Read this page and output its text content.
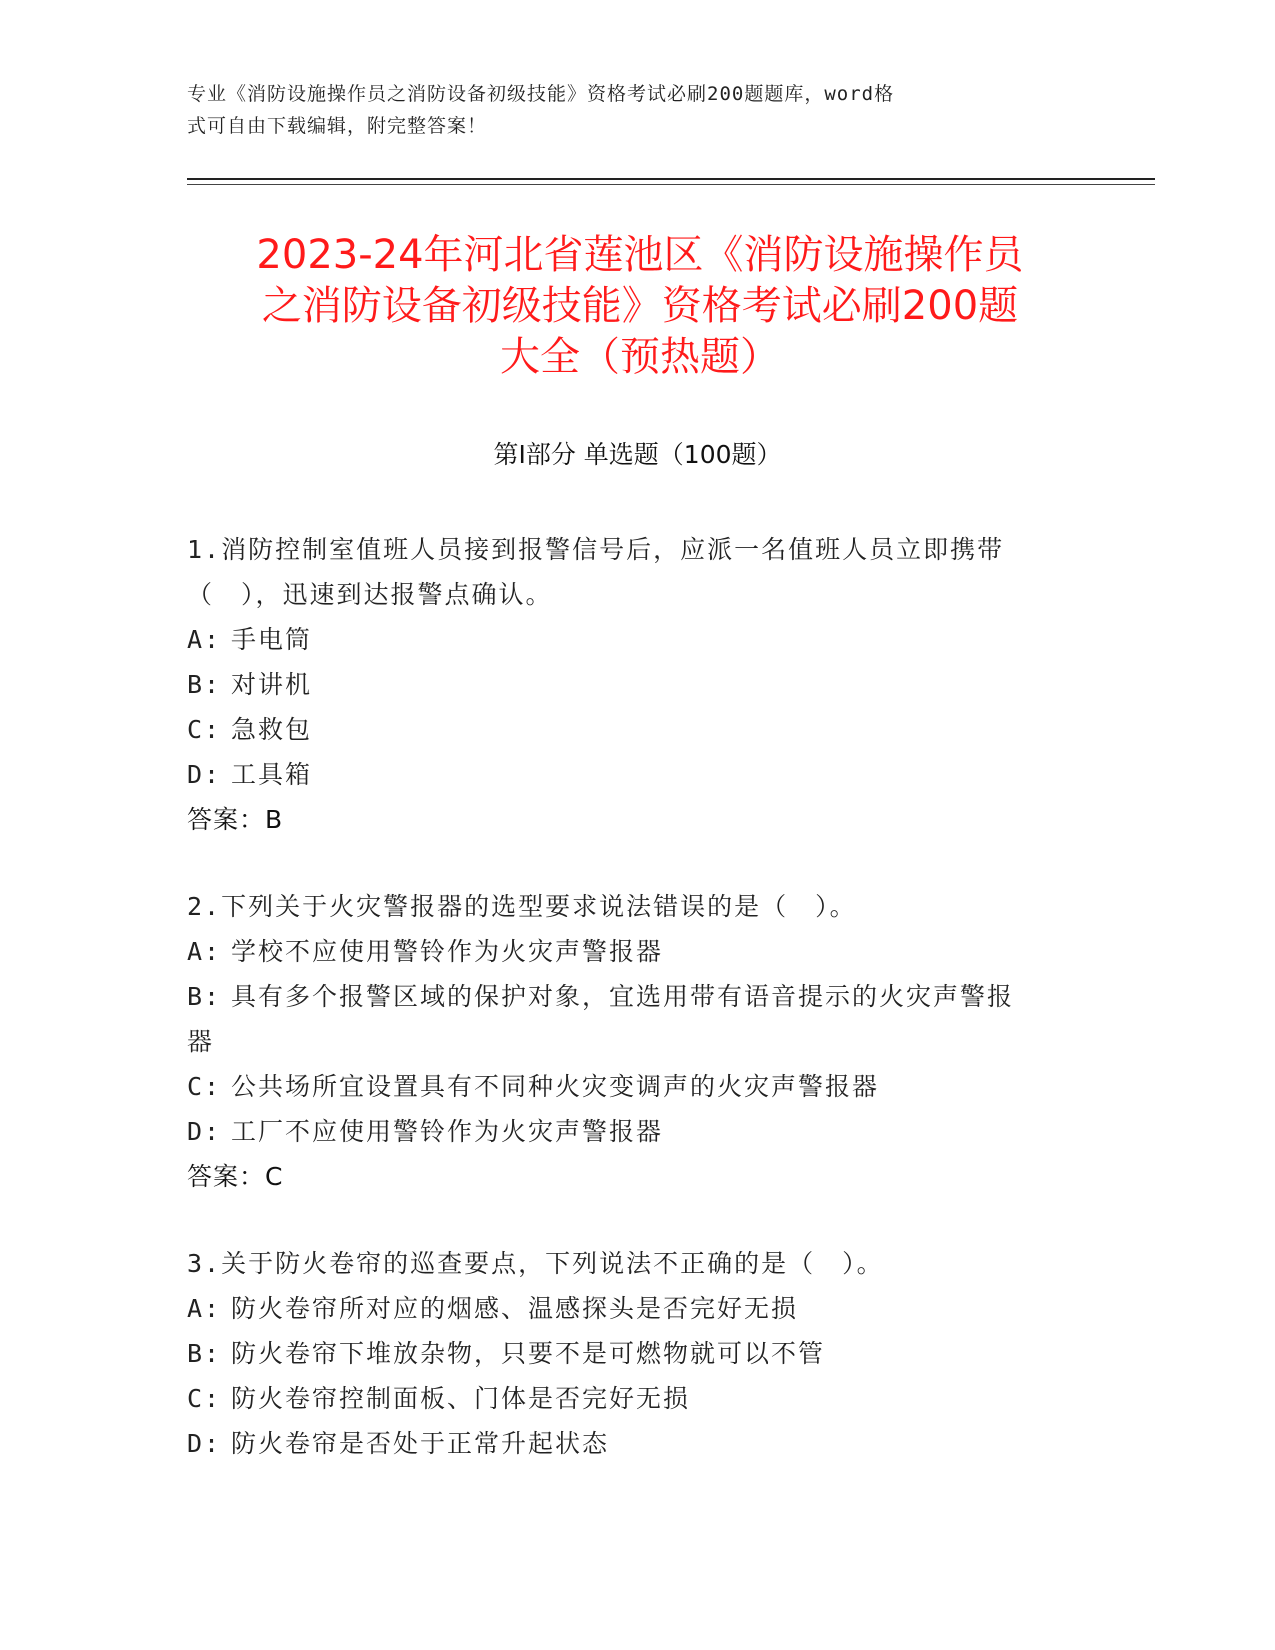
专业《消防设施操作员之消防设备初级技能》资格考试必刷200题题库，word格
式可自由下载编辑，附完整答案！
2023-24年河北省莲池区《消防设施操作员
之消防设备初级技能》资格考试必刷200题
大全（预热题）
第Ⅰ部分 单选题（100题）
1.消防控制室值班人员接到报警信号后，应派一名值班人员立即携带
（　），迅速到达报警点确认。
A: 手电筒
B: 对讲机
C: 急救包
D: 工具箱
答案：B
2.下列关于火灾警报器的选型要求说法错误的是（　）。
A: 学校不应使用警铃作为火灾声警报器
B: 具有多个报警区域的保护对象，宜选用带有语音提示的火灾声警报
器
C: 公共场所宜设置具有不同种火灾变调声的火灾声警报器
D: 工厂不应使用警铃作为火灾声警报器
答案：C
3.关于防火卷帘的巡查要点，下列说法不正确的是（　）。
A: 防火卷帘所对应的烟感、温感探头是否完好无损
B: 防火卷帘下堆放杂物，只要不是可燃物就可以不管
C: 防火卷帘控制面板、门体是否完好无损
D: 防火卷帘是否处于正常升起状态
